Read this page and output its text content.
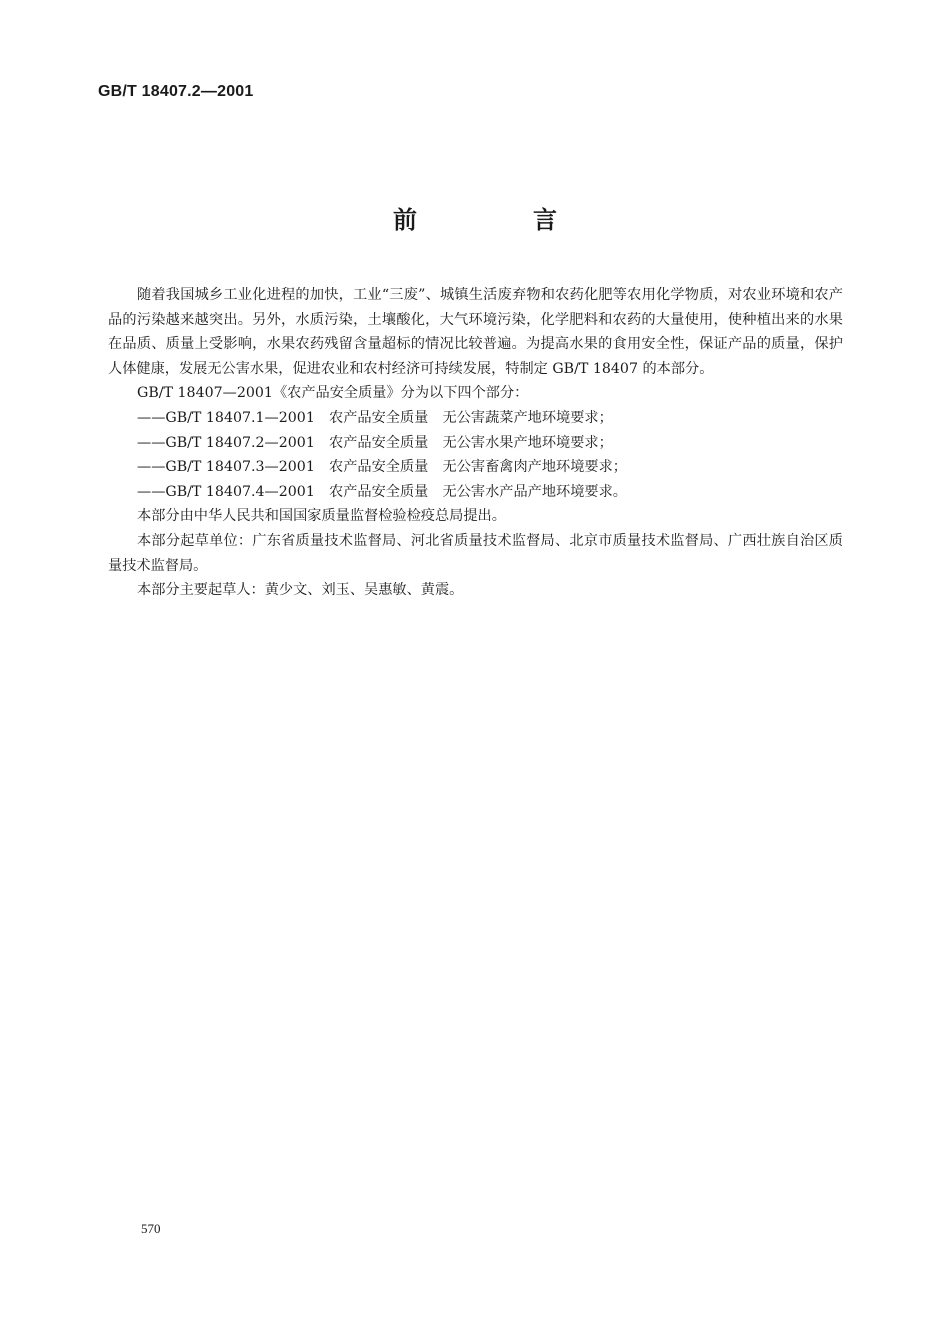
GB/T 18407.2—2001
前　言

随着我国城乡工业化进程的加快，工业“三废”、城镇生活废弃物和农药化肥等农用化学物质，对农业环境和农产品的污染越来越突出。另外，水质污染，土壤酸化，大气环境污染，化学肥料和农药的大量使用，使种植出来的水果在品质、质量上受影响，水果农药残留含量超标的情况比较普遍。为提高水果的食用安全性，保证产品的质量，保护人体健康，发展无公害水果，促进农业和农村经济可持续发展，特制定 GB/T 18407 的本部分。

GB/T 18407—2001《农产品安全质量》分为以下四个部分：

——GB/T 18407.1—2001　农产品安全质量　无公害蔬菜产地环境要求；

——GB/T 18407.2—2001　农产品安全质量　无公害水果产地环境要求；

——GB/T 18407.3—2001　农产品安全质量　无公害畜禽肉产地环境要求；

——GB/T 18407.4—2001　农产品安全质量　无公害水产品产地环境要求。

本部分由中华人民共和国国家质量监督检验检疫总局提出。

本部分起草单位：广东省质量技术监督局、河北省质量技术监督局、北京市质量技术监督局、广西壮族自治区质量技术监督局。

本部分主要起草人：黄少文、刘玉、吴惠敏、黄震。

570
